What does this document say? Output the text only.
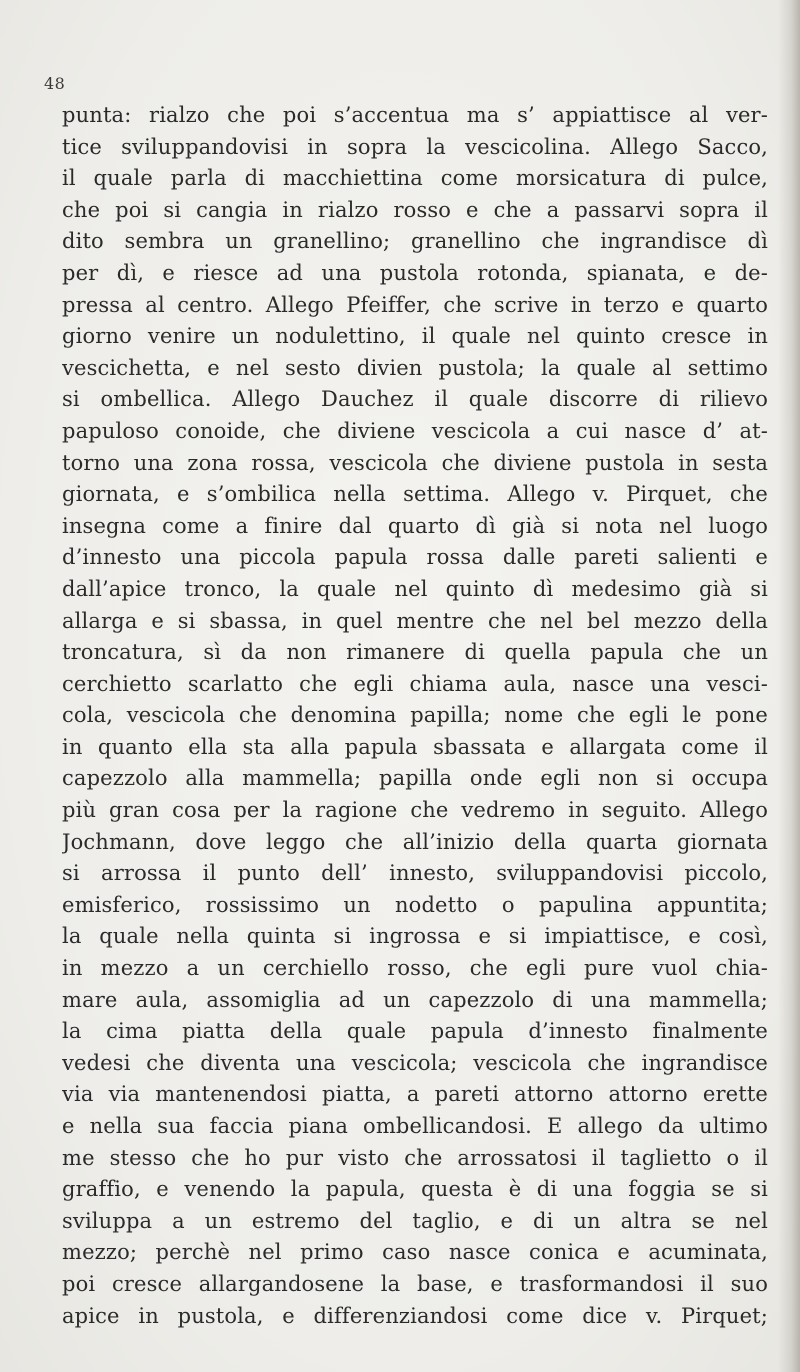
48
punta: rialzo che poi s’accentua ma s’ appiattisce al ver-
tice sviluppandovisi in sopra la vescicolina. Allego Sacco,
il quale parla di macchiettina come morsicatura di pulce,
che poi si cangia in rialzo rosso e che a passarvi sopra il
dito sembra un granellino; granellino che ingrandisce dì
per dì, e riesce ad una pustola rotonda, spianata, e de-
pressa al centro. Allego Pfeiffer, che scrive in terzo e quarto
giorno venire un nodulettino, il quale nel quinto cresce in
vescichetta, e nel sesto divien pustola; la quale al settimo
si ombellica. Allego Dauchez il quale discorre di rilievo
papuloso conoide, che diviene vescicola a cui nasce d’ at-
torno una zona rossa, vescicola che diviene pustola in sesta
giornata, e s’ombilica nella settima. Allego v. Pirquet, che
insegna come a finire dal quarto dì già si nota nel luogo
d’innesto una piccola papula rossa dalle pareti salienti e
dall’apice tronco, la quale nel quinto dì medesimo già si
allarga e si sbassa, in quel mentre che nel bel mezzo della
troncatura, sì da non rimanere di quella papula che un
cerchietto scarlatto che egli chiama aula, nasce una vesci-
cola, vescicola che denomina papilla; nome che egli le pone
in quanto ella sta alla papula sbassata e allargata come il
capezzolo alla mammella; papilla onde egli non si occupa
più gran cosa per la ragione che vedremo in seguito. Allego
Jochmann, dove leggo che all’inizio della quarta giornata
si arrossa il punto dell’ innesto, sviluppandovisi piccolo,
emisferico, rossissimo un nodetto o papulina appuntita;
la quale nella quinta si ingrossa e si impiattisce, e così,
in mezzo a un cerchiello rosso, che egli pure vuol chia-
mare aula, assomiglia ad un capezzolo di una mammella;
la cima piatta della quale papula d’innesto finalmente
vedesi che diventa una vescicola; vescicola che ingrandisce
via via mantenendosi piatta, a pareti attorno attorno erette
e nella sua faccia piana ombellicandosi. E allego da ultimo
me stesso che ho pur visto che arrossatosi il taglietto o il
graffio, e venendo la papula, questa è di una foggia se si
sviluppa a un estremo del taglio, e di un altra se nel
mezzo; perchè nel primo caso nasce conica e acuminata,
poi cresce allargandosene la base, e trasformandosi il suo
apice in pustola, e differenziandosi come dice v. Pirquet;
